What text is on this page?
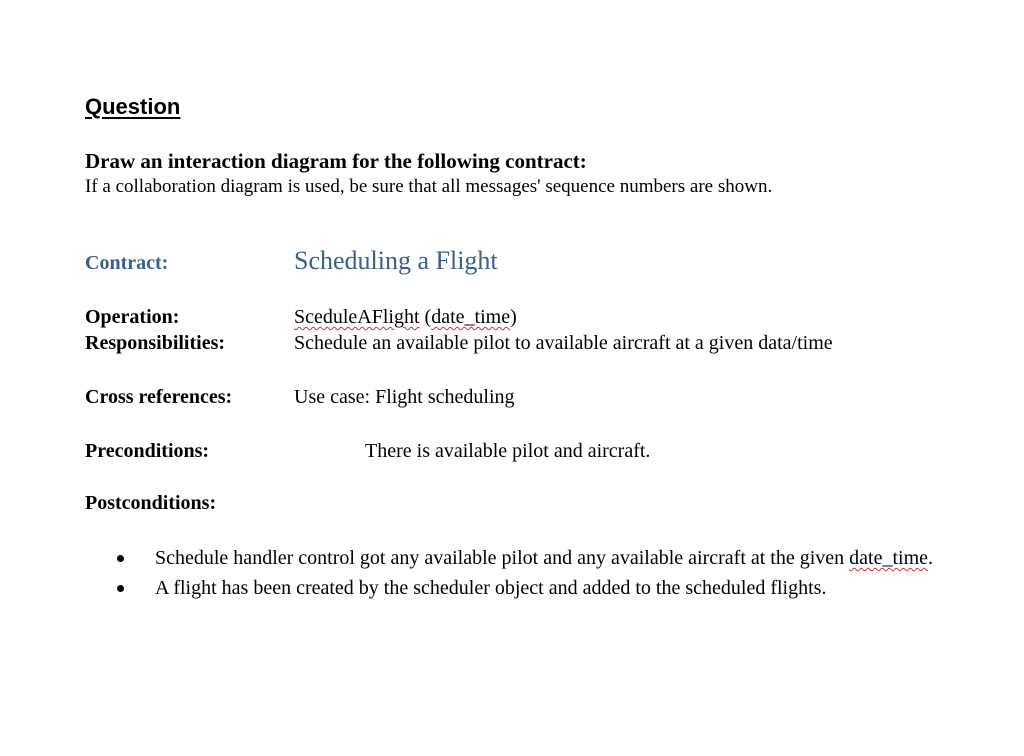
Question
Draw an interaction diagram for the following contract:
If a collaboration diagram is used, be sure that all messages' sequence numbers are shown.
Contract:	Scheduling a Flight
Operation:	SceduleAFlight (date_time)
Responsibilities:	Schedule an available pilot to available aircraft at a given data/time
Cross references:	Use case: Flight scheduling
Preconditions:	There is available pilot and aircraft.
Postconditions:
Schedule handler control got any available pilot and any available aircraft at the given date_time.
A flight has been created by the scheduler object and added to the scheduled flights.
